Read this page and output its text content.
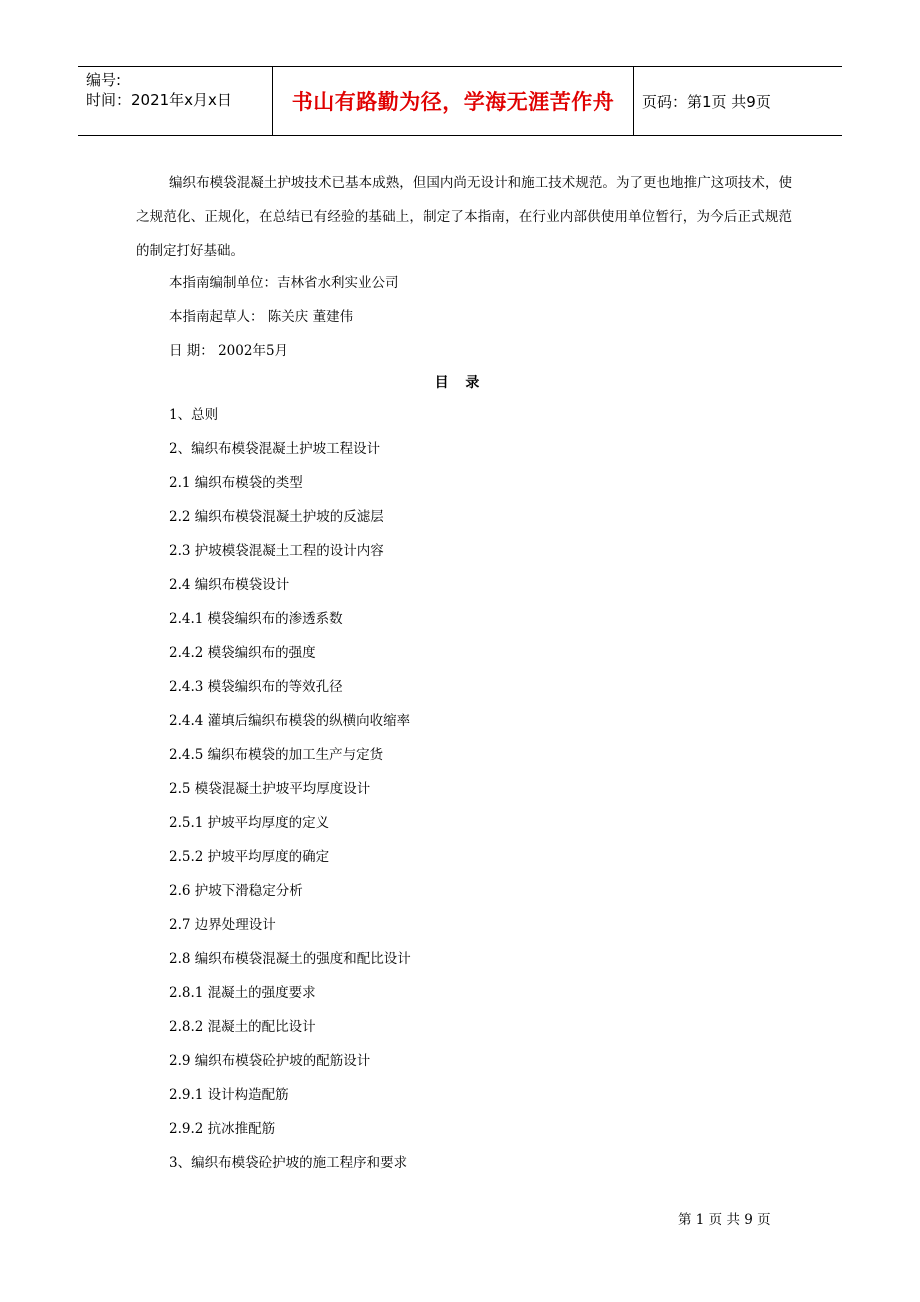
编号:
时间：2021年x月x日	书山有路勤为径，学海无涯苦作舟 页码：第1页 共9页

编织布模袋混凝土护坡技术已基本成熟，但国内尚无设计和施工技术规范。为了更也地推广这项技术，使之规范化、正规化，在总结已有经验的基础上，制定了本指南，在行业内部供使用单位暂行，为今后正式规范的制定打好基础。

本指南编制单位：吉林省水利实业公司
本指南起草人： 陈关庆 董建伟
日 期： 2002年5月
目 录
1、总则
2、编织布模袋混凝土护坡工程设计
2.1 编织布模袋的类型
2.2 编织布模袋混凝土护坡的反滤层
2.3 护坡模袋混凝土工程的设计内容
2.4 编织布模袋设计
2.4.1 模袋编织布的渗透系数
2.4.2 模袋编织布的强度
2.4.3 模袋编织布的等效孔径
2.4.4 灌填后编织布模袋的纵横向收缩率
2.4.5 编织布模袋的加工生产与定货
2.5 模袋混凝土护坡平均厚度设计
2.5.1 护坡平均厚度的定义
2.5.2 护坡平均厚度的确定
2.6 护坡下滑稳定分析
2.7 边界处理设计
2.8 编织布模袋混凝土的强度和配比设计
2.8.1 混凝土的强度要求
2.8.2 混凝土的配比设计
2.9 编织布模袋砼护坡的配筋设计
2.9.1 设计构造配筋
2.9.2 抗冰推配筋
3、编织布模袋砼护坡的施工程序和要求
第 1 页 共 9 页
